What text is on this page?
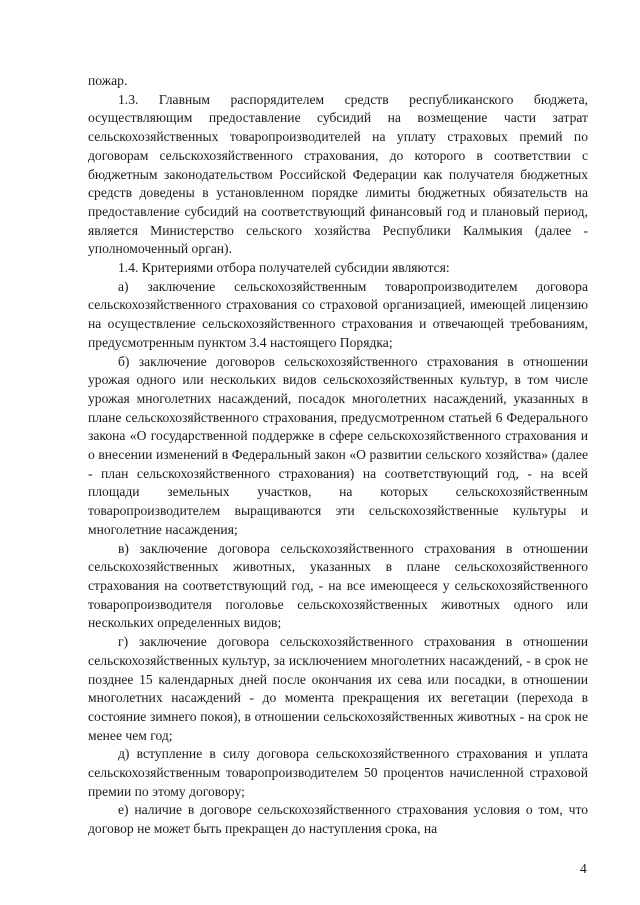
пожар.

1.3. Главным распорядителем средств республиканского бюджета, осуществляющим предоставление субсидий на возмещение части затрат сельскохозяйственных товаропроизводителей на уплату страховых премий по договорам сельскохозяйственного страхования, до которого в соответствии с бюджетным законодательством Российской Федерации как получателя бюджетных средств доведены в установленном порядке лимиты бюджетных обязательств на предоставление субсидий на соответствующий финансовый год и плановый период, является Министерство сельского хозяйства Республики Калмыкия (далее - уполномоченный орган).

1.4. Критериями отбора получателей субсидии являются:

а) заключение сельскохозяйственным товаропроизводителем договора сельскохозяйственного страхования со страховой организацией, имеющей лицензию на осуществление сельскохозяйственного страхования и отвечающей требованиям, предусмотренным пунктом 3.4 настоящего Порядка;

б) заключение договоров сельскохозяйственного страхования в отношении урожая одного или нескольких видов сельскохозяйственных культур, в том числе урожая многолетних насаждений, посадок многолетних насаждений, указанных в плане сельскохозяйственного страхования, предусмотренном статьей 6 Федерального закона «О государственной поддержке в сфере сельскохозяйственного страхования и о внесении изменений в Федеральный закон «О развитии сельского хозяйства» (далее - план сельскохозяйственного страхования) на соответствующий год, - на всей площади земельных участков, на которых сельскохозяйственным товаропроизводителем выращиваются эти сельскохозяйственные культуры и многолетние насаждения;

в) заключение договора сельскохозяйственного страхования в отношении сельскохозяйственных животных, указанных в плане сельскохозяйственного страхования на соответствующий год, - на все имеющееся у сельскохозяйственного товаропроизводителя поголовье сельскохозяйственных животных одного или нескольких определенных видов;

г) заключение договора сельскохозяйственного страхования в отношении сельскохозяйственных культур, за исключением многолетних насаждений, - в срок не позднее 15 календарных дней после окончания их сева или посадки, в отношении многолетних насаждений - до момента прекращения их вегетации (перехода в состояние зимнего покоя), в отношении сельскохозяйственных животных - на срок не менее чем год;

д) вступление в силу договора сельскохозяйственного страхования и уплата сельскохозяйственным товаропроизводителем 50 процентов начисленной страховой премии по этому договору;

е) наличие в договоре сельскохозяйственного страхования условия о том, что договор не может быть прекращен до наступления срока, на

4
